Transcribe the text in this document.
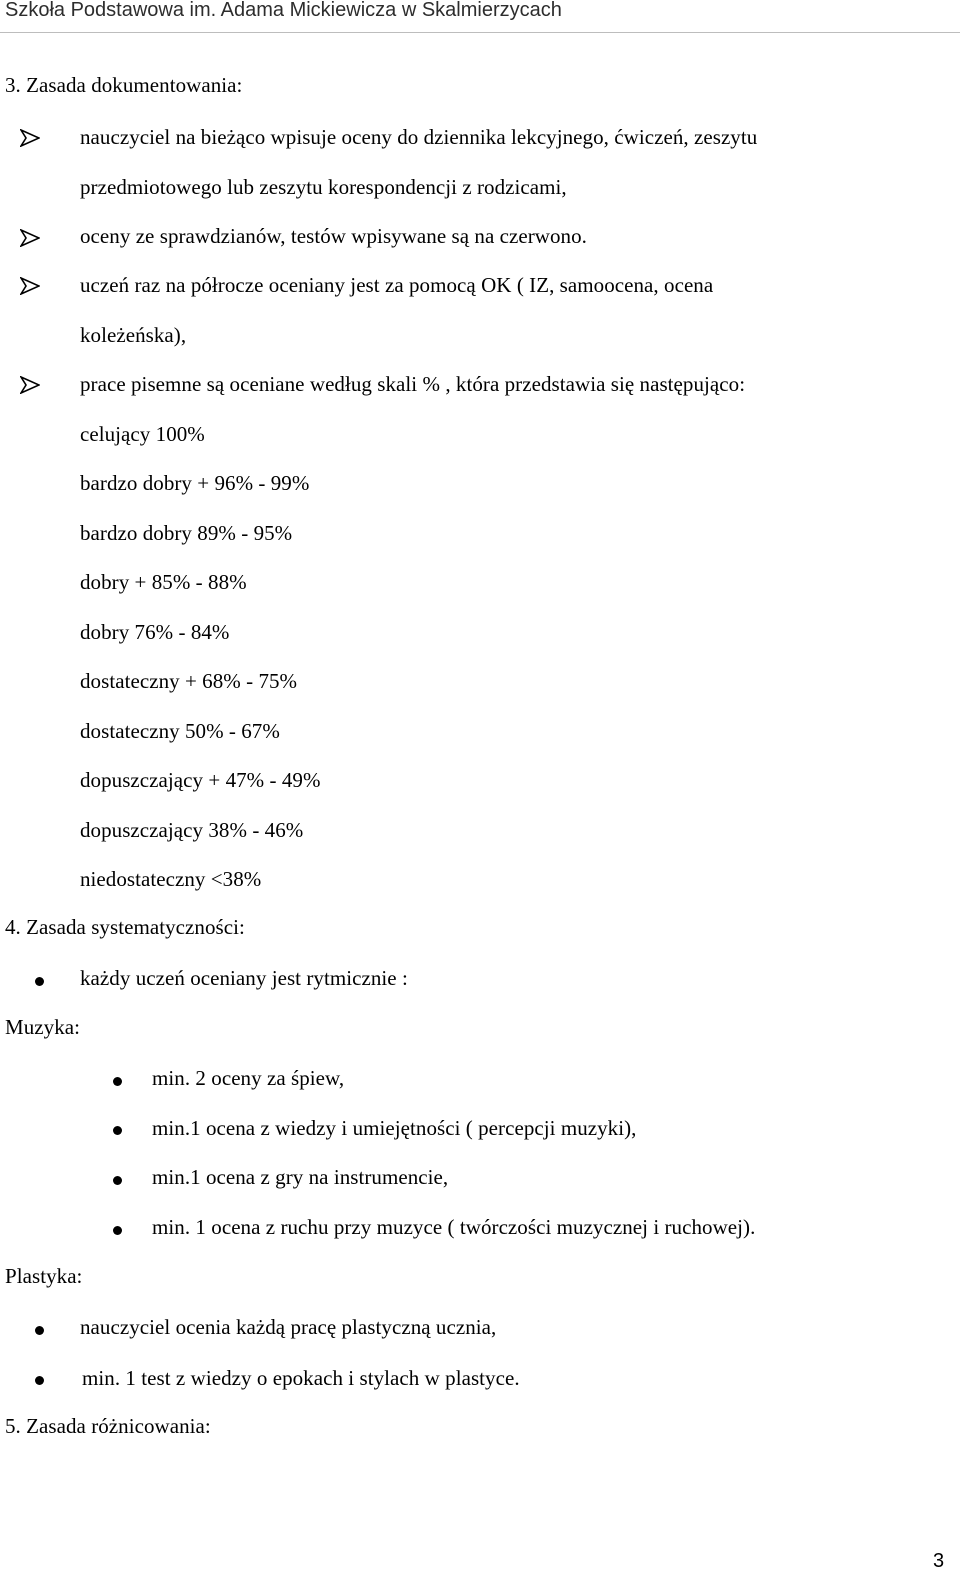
Szkoła Podstawowa im. Adama Mickiewicza w Skalmierzycach
3. Zasada dokumentowania:
nauczyciel na bieżąco wpisuje oceny do dziennika lekcyjnego, ćwiczeń, zeszytu
przedmiotowego lub zeszytu korespondencji z rodzicami,
oceny ze sprawdzianów, testów wpisywane są na czerwono.
uczeń raz na półrocze oceniany jest za pomocą OK ( IZ, samoocena, ocena
koleżeńska),
prace pisemne są oceniane według skali % , która przedstawia się następująco:
celujący 100%
bardzo dobry + 96% - 99%
bardzo dobry 89% - 95%
dobry + 85% - 88%
dobry 76% - 84%
dostateczny + 68% - 75%
dostateczny 50% - 67%
dopuszczający + 47% - 49%
dopuszczający 38% - 46%
niedostateczny <38%
4. Zasada systematyczności:
każdy uczeń oceniany jest rytmicznie :
Muzyka:
min. 2 oceny za śpiew,
min.1 ocena z wiedzy i umiejętności ( percepcji muzyki),
min.1 ocena z gry na instrumencie,
min. 1 ocena z ruchu przy muzyce ( twórczości muzycznej i ruchowej).
Plastyka:
nauczyciel ocenia każdą pracę plastyczną ucznia,
min. 1 test z wiedzy o epokach i stylach w plastyce.
5. Zasada różnicowania:
3
